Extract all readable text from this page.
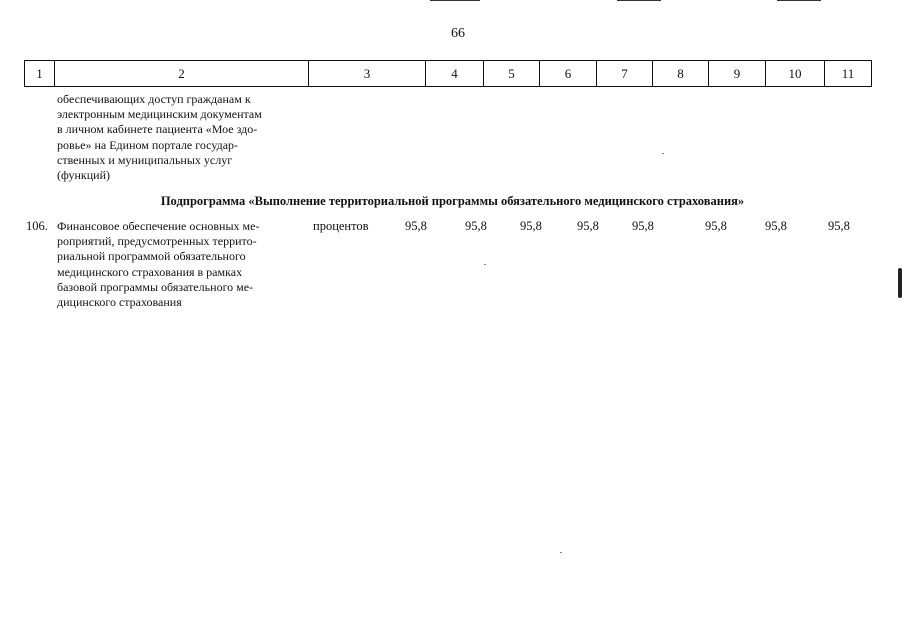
66
1	2	3	4	5	6	7	8	9	10	11
обеспечивающих доступ гражданам к
электронным медицинским документам
в личном кабинете пациента «Мое здо-
ровье» на Едином портале государ-
ственных и муниципальных услуг
(функций)
Подпрограмма «Выполнение территориальной программы обязательного медицинского страхования»
106. Финансовое обеспечение основных ме-
роприятий, предусмотренных террито-
риальной программой обязательного
медицинского страхования в рамках
базовой программы обязательного ме-
дицинского страхования
процентов	95,8	95,8	95,8	95,8	95,8	95,8	95,8	95,8
